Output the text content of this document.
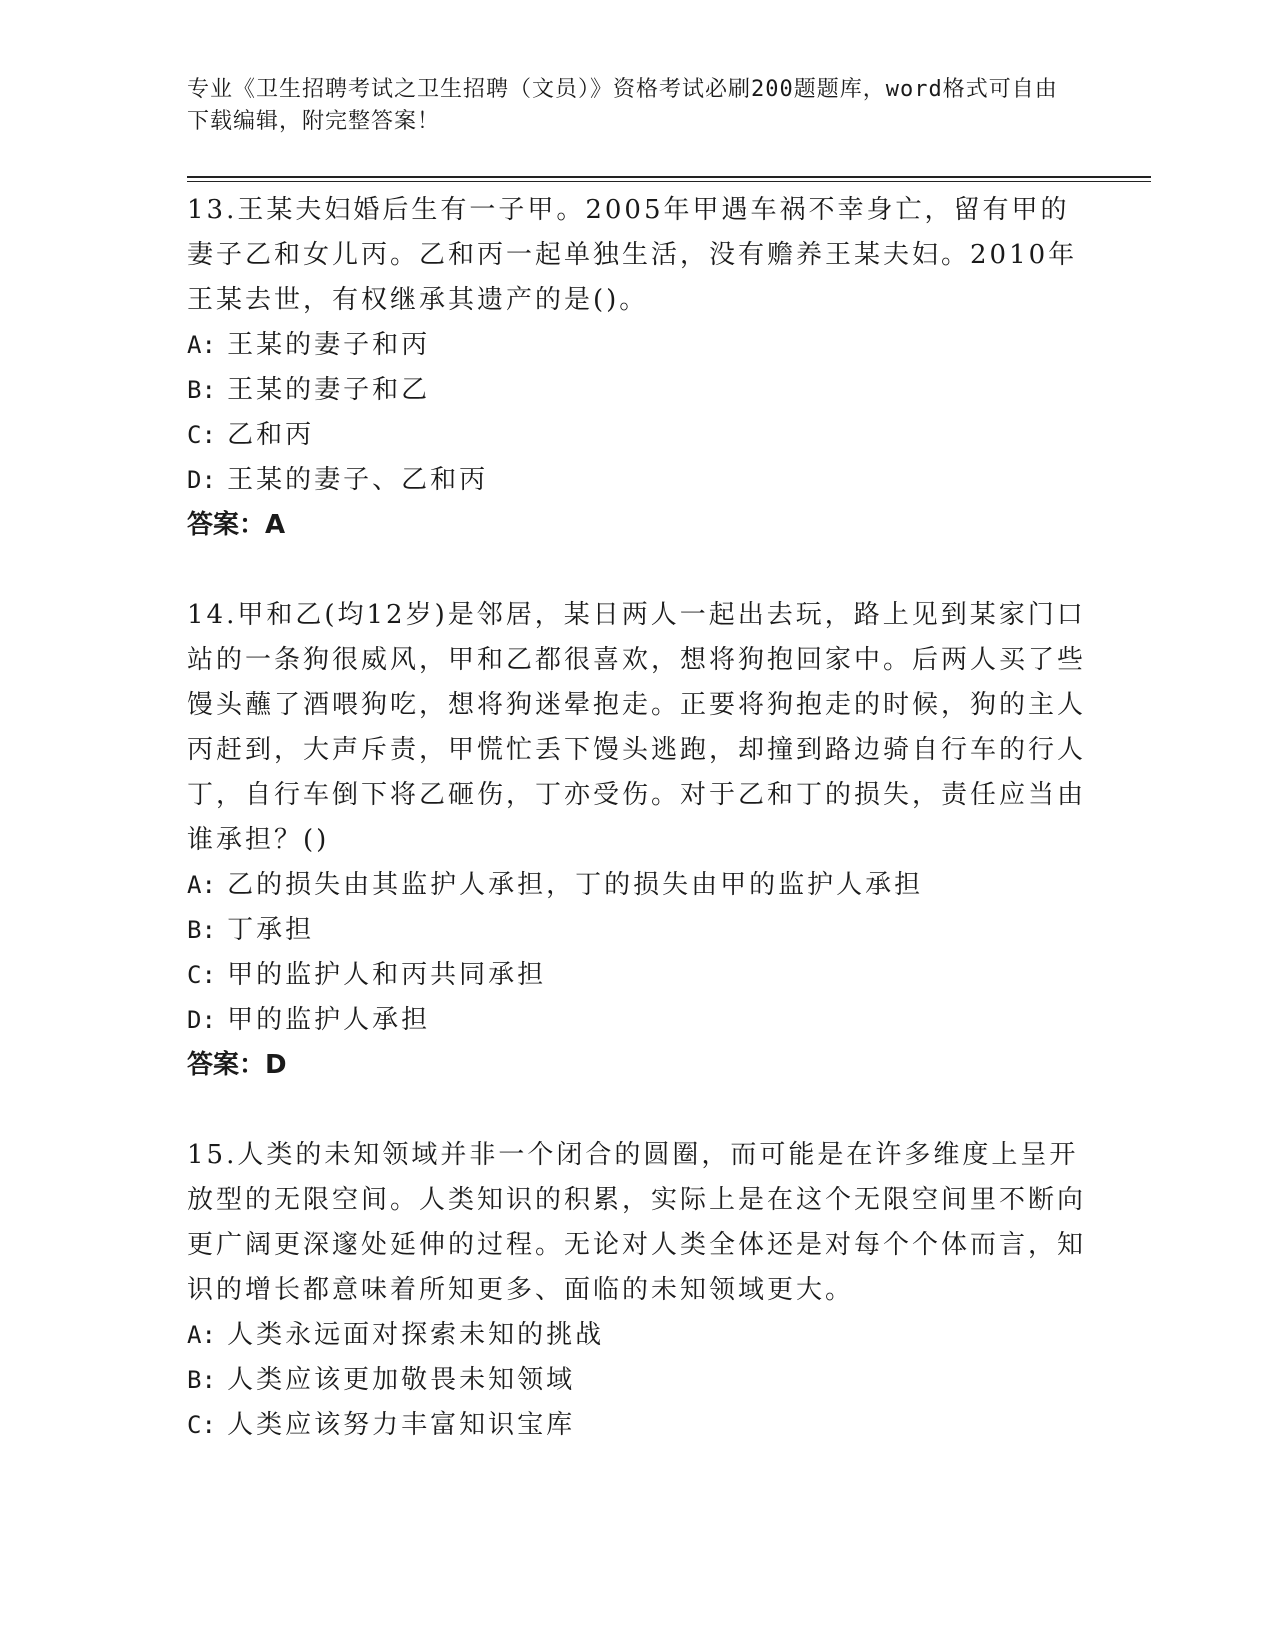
专业《卫生招聘考试之卫生招聘（文员）》资格考试必刷200题题库，word格式可自由下载编辑，附完整答案！

13.王某夫妇婚后生有一子甲。2005年甲遇车祸不幸身亡，留有甲的妻子乙和女儿丙。乙和丙一起单独生活，没有赡养王某夫妇。2010年王某去世，有权继承其遗产的是()。

A: 王某的妻子和丙

B: 王某的妻子和乙

C: 乙和丙

D: 王某的妻子、乙和丙

答案：A

14.甲和乙(均12岁)是邻居，某日两人一起出去玩，路上见到某家门口站的一条狗很威风，甲和乙都很喜欢，想将狗抱回家中。后两人买了些馒头蘸了酒喂狗吃，想将狗迷晕抱走。正要将狗抱走的时候，狗的主人丙赶到，大声斥责，甲慌忙丢下馒头逃跑，却撞到路边骑自行车的行人丁，自行车倒下将乙砸伤，丁亦受伤。对于乙和丁的损失，责任应当由谁承担？()

A: 乙的损失由其监护人承担，丁的损失由甲的监护人承担

B: 丁承担

C: 甲的监护人和丙共同承担

D: 甲的监护人承担

答案：D

15.人类的未知领域并非一个闭合的圆圈，而可能是在许多维度上呈开放型的无限空间。人类知识的积累，实际上是在这个无限空间里不断向更广阔更深邃处延伸的过程。无论对人类全体还是对每个个体而言，知识的增长都意味着所知更多、面临的未知领域更大。

A: 人类永远面对探索未知的挑战

B: 人类应该更加敬畏未知领域

C: 人类应该努力丰富知识宝库
